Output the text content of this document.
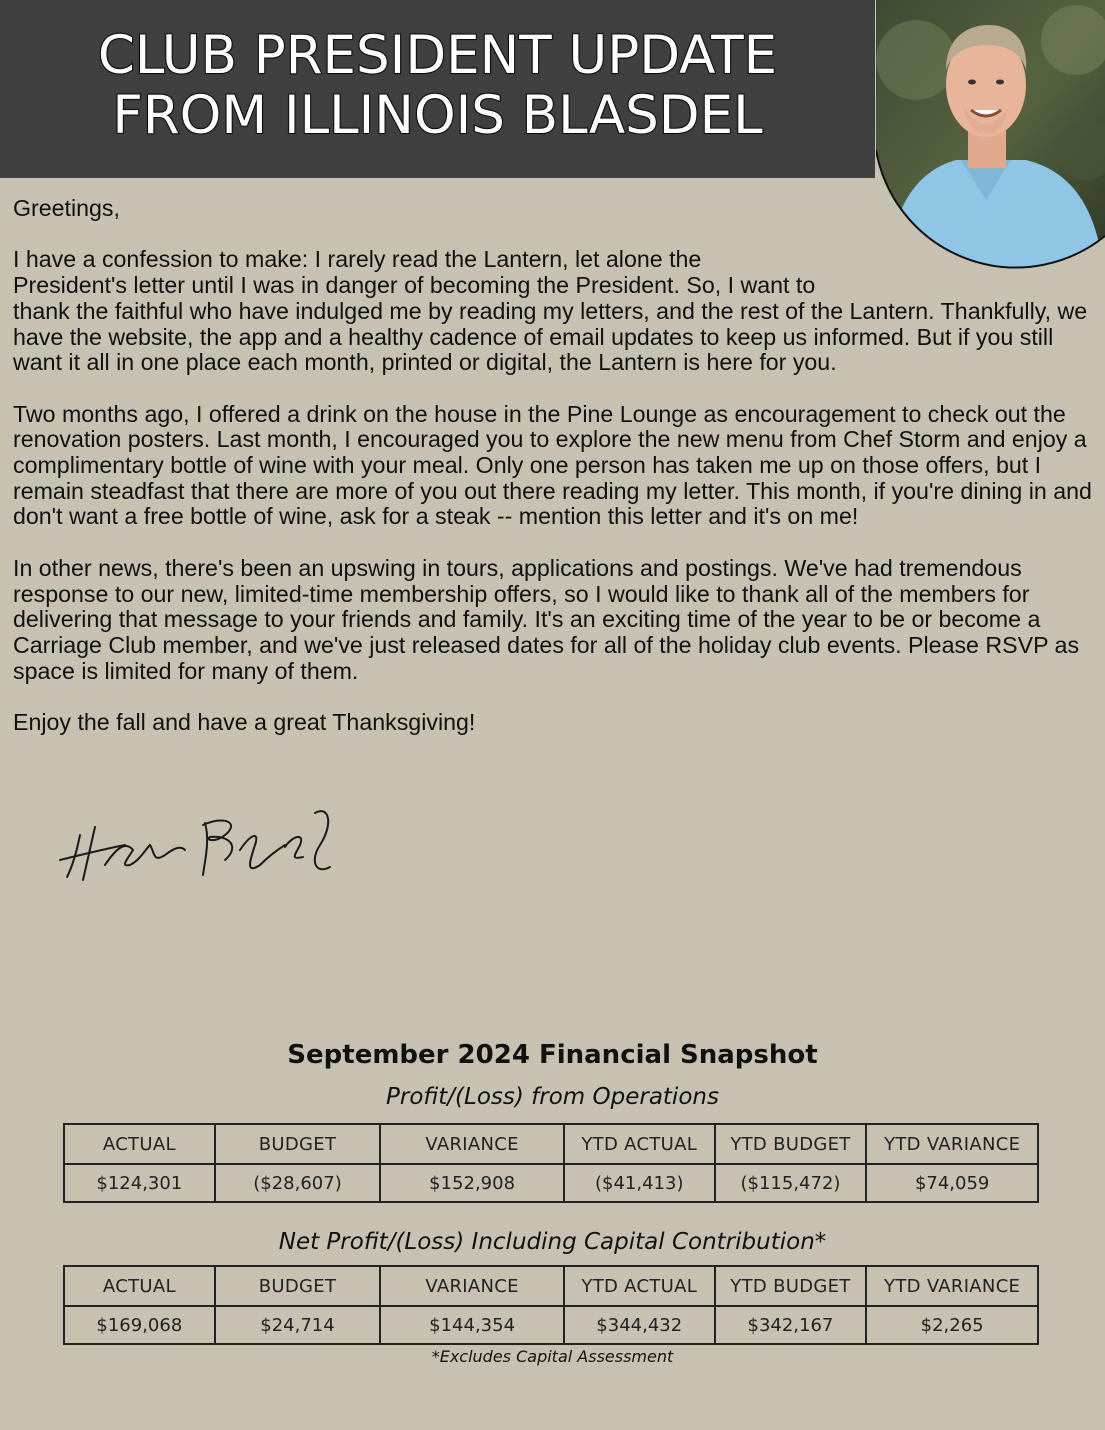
CLUB PRESIDENT UPDATE
FROM ILLINOIS BLASDEL

Greetings,

I have a confession to make: I rarely read the Lantern, let alone the
President's letter until I was in danger of becoming the President. So, I want to
thank the faithful who have indulged me by reading my letters, and the rest of the Lantern. Thankfully, we have the website, the app and a healthy cadence of email updates to keep us informed. But if you still want it all in one place each month, printed or digital, the Lantern is here for you.

Two months ago, I offered a drink on the house in the Pine Lounge as encouragement to check out the renovation posters. Last month, I encouraged you to explore the new menu from Chef Storm and enjoy a complimentary bottle of wine with your meal. Only one person has taken me up on those offers, but I remain steadfast that there are more of you out there reading my letter. This month, if you're dining in and don't want a free bottle of wine, ask for a steak -- mention this letter and it's on me!

In other news, there's been an upswing in tours, applications and postings. We've had tremendous response to our new, limited-time membership offers, so I would like to thank all of the members for delivering that message to your friends and family. It's an exciting time of the year to be or become a Carriage Club member, and we've just released dates for all of the holiday club events. Please RSVP as space is limited for many of them.

Enjoy the fall and have a great Thanksgiving!

September 2024 Financial Snapshot
Profit/(Loss) from Operations
ACTUAL	BUDGET	VARIANCE	YTD ACTUAL	YTD BUDGET	YTD VARIANCE
$124,301	($28,607)	$152,908	($41,413)	($115,472)	$74,059
Net Profit/(Loss) Including Capital Contribution*
ACTUAL	BUDGET	VARIANCE	YTD ACTUAL	YTD BUDGET	YTD VARIANCE
$169,068	$24,714	$144,354	$344,432	$342,167	$2,265
*Excludes Capital Assessment
